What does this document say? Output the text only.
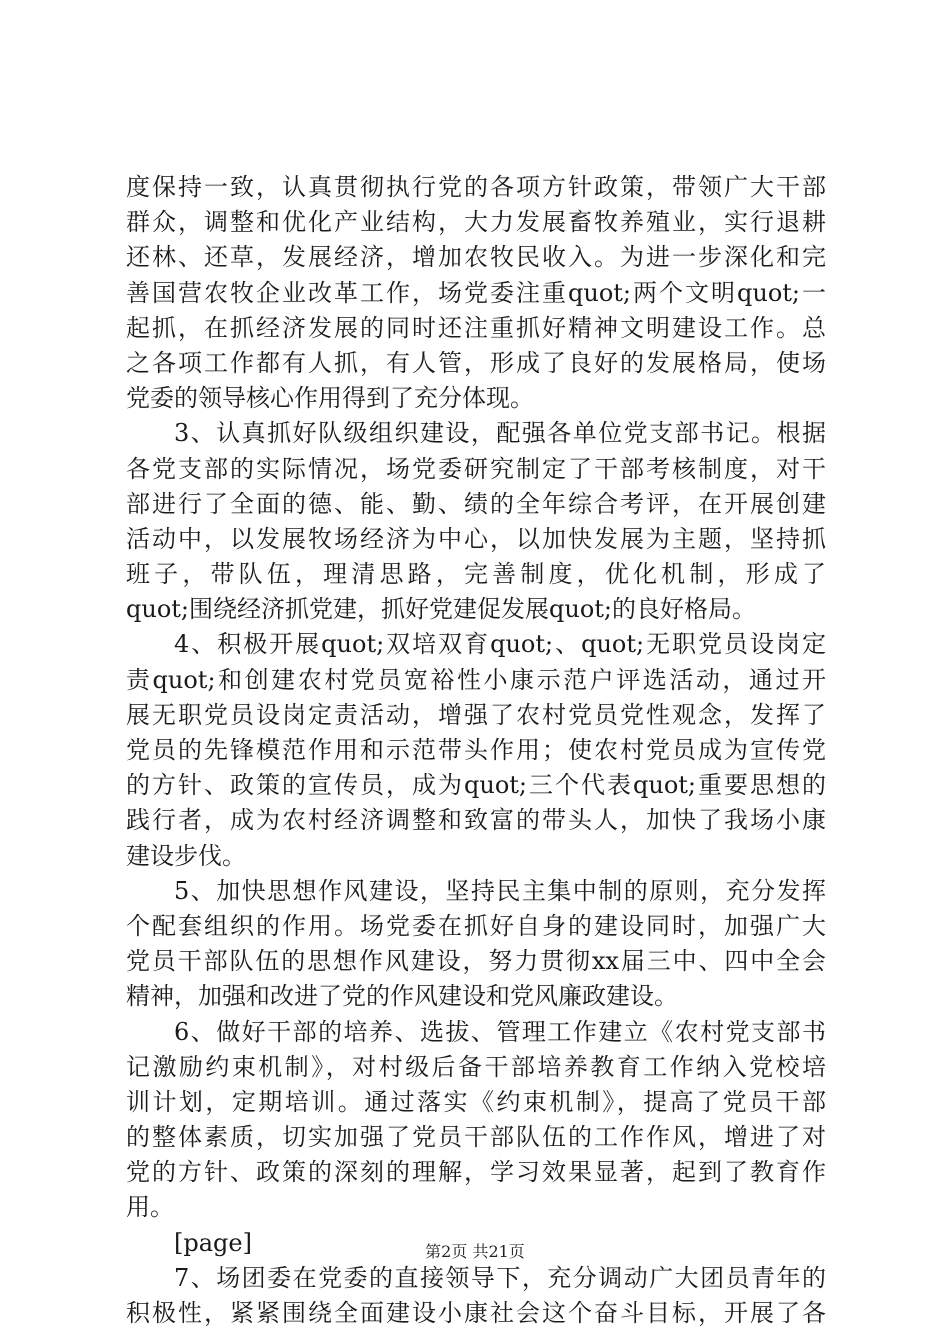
度保持一致，认真贯彻执行党的各项方针政策，带领广大干部
群众，调整和优化产业结构，大力发展畜牧养殖业，实行退耕
还林、还草，发展经济，增加农牧民收入。为进一步深化和完
善国营农牧企业改革工作，场党委注重quot;两个文明quot;一
起抓，在抓经济发展的同时还注重抓好精神文明建设工作。总
之各项工作都有人抓，有人管，形成了良好的发展格局，使场
党委的领导核心作用得到了充分体现。
3、认真抓好队级组织建设，配强各单位党支部书记。根据
各党支部的实际情况，场党委研究制定了干部考核制度，对干
部进行了全面的德、能、勤、绩的全年综合考评，在开展创建
活动中，以发展牧场经济为中心，以加快发展为主题，坚持抓
班子，带队伍，理清思路，完善制度，优化机制，形成了
quot;围绕经济抓党建，抓好党建促发展quot;的良好格局。
4、积极开展quot;双培双育quot;、quot;无职党员设岗定
责quot;和创建农村党员宽裕性小康示范户评选活动，通过开
展无职党员设岗定责活动，增强了农村党员党性观念，发挥了
党员的先锋模范作用和示范带头作用；使农村党员成为宣传党
的方针、政策的宣传员，成为quot;三个代表quot;重要思想的
践行者，成为农村经济调整和致富的带头人，加快了我场小康
建设步伐。
5、加快思想作风建设，坚持民主集中制的原则，充分发挥
个配套组织的作用。场党委在抓好自身的建设同时，加强广大
党员干部队伍的思想作风建设，努力贯彻xx届三中、四中全会
精神，加强和改进了党的作风建设和党风廉政建设。
6、做好干部的培养、选拔、管理工作建立《农村党支部书
记激励约束机制》，对村级后备干部培养教育工作纳入党校培
训计划，定期培训。通过落实《约束机制》，提高了党员干部
的整体素质，切实加强了党员干部队伍的工作作风，增进了对
党的方针、政策的深刻的理解，学习效果显著，起到了教育作
用。
[page]
7、场团委在党委的直接领导下，充分调动广大团员青年的
积极性，紧紧围绕全面建设小康社会这个奋斗目标，开展了各
第2页 共21页
